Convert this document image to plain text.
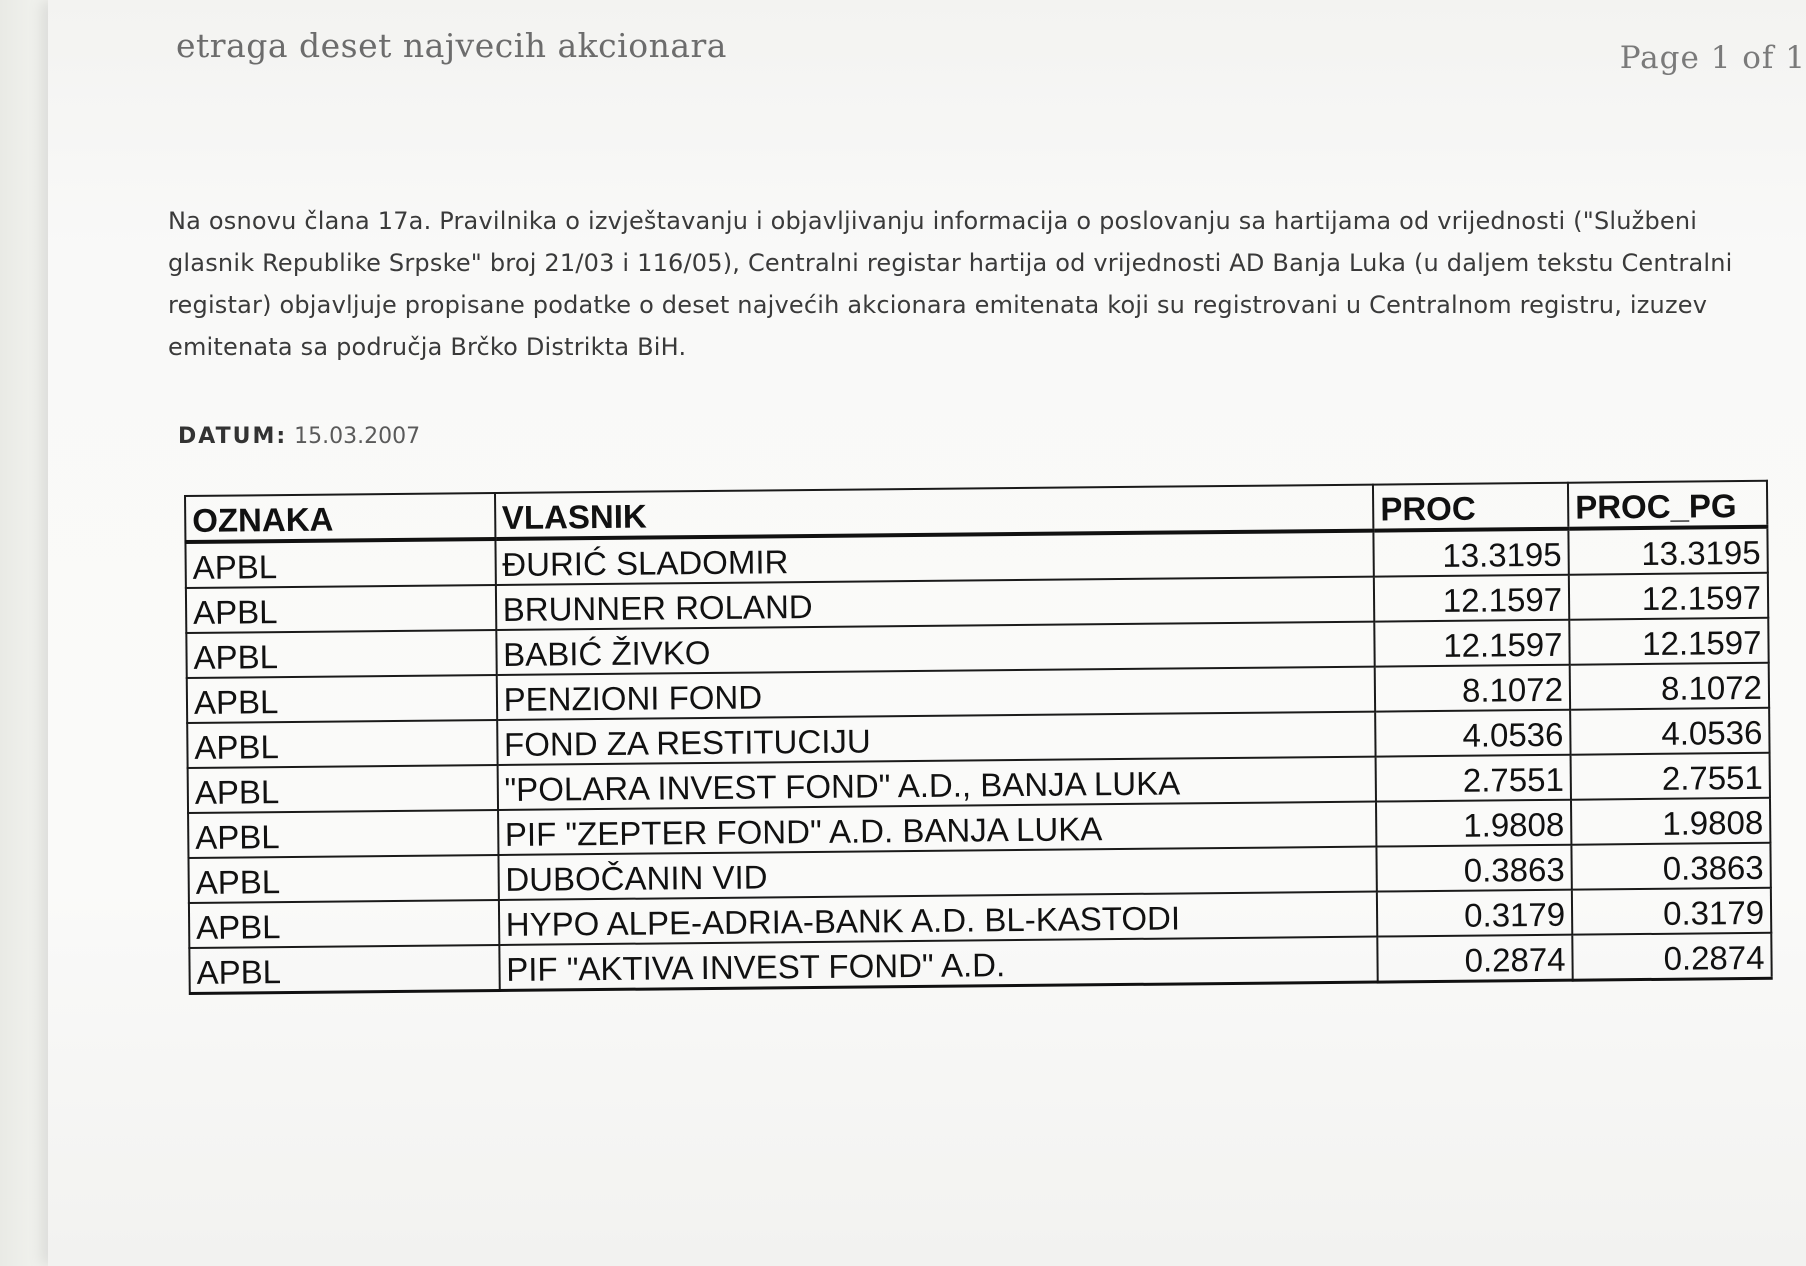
etraga deset najvecih akcionara	Page 1 of 1

Na osnovu člana 17a. Pravilnika o izvještavanju i objavljivanju informacija o poslovanju sa hartijama od vrijednosti ("Službeni glasnik Republike Srpske" broj 21/03 i 116/05), Centralni registar hartija od vrijednosti AD Banja Luka (u daljem tekstu Centralni registar) objavljuje propisane podatke o deset najvećih akcionara emitenata koji su registrovani u Centralnom registru, izuzev emitenata sa područja Brčko Distrikta BiH.

DATUM: 15.03.2007
OZNAKA	VLASNIK	PROC	PROC_PG
APBL	ĐURIĆ SLADOMIR	13.3195	13.3195
APBL	BRUNNER ROLAND	12.1597	12.1597
APBL	BABIĆ ŽIVKO	12.1597	12.1597
APBL	PENZIONI FOND	8.1072	8.1072
APBL	FOND ZA RESTITUCIJU	4.0536	4.0536
APBL	"POLARA INVEST FOND" A.D., BANJA LUKA	2.7551	2.7551
APBL	PIF "ZEPTER FOND" A.D. BANJA LUKA	1.9808	1.9808
APBL	DUBOČANIN VID	0.3863	0.3863
APBL	HYPO ALPE-ADRIA-BANK A.D. BL-KASTODI	0.3179	0.3179
APBL	PIF "AKTIVA INVEST FOND" A.D.	0.2874	0.2874
